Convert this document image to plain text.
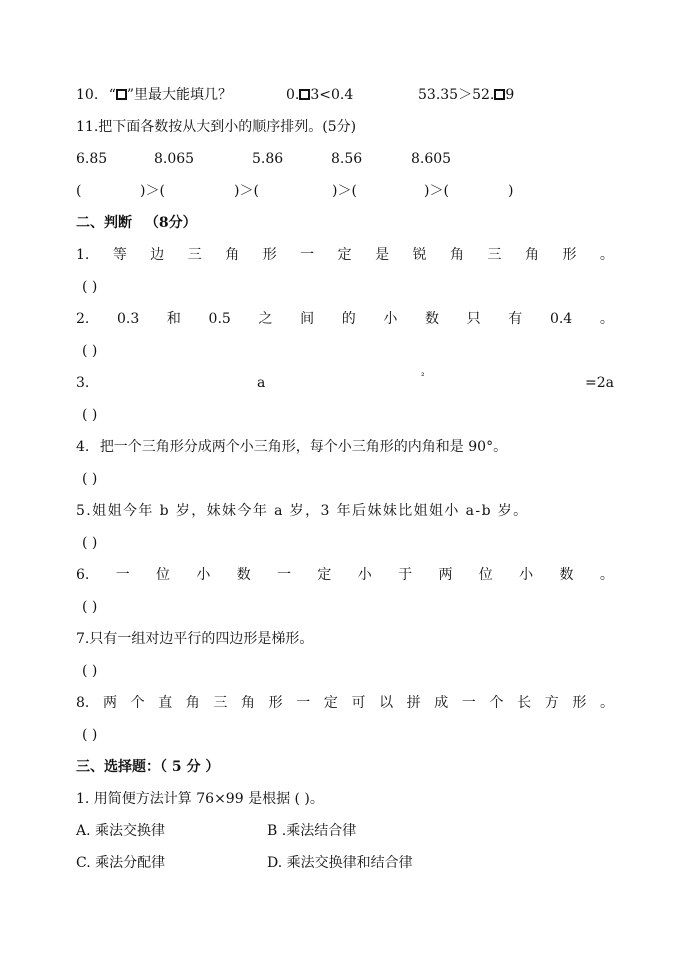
10. “ ”里最大能填几？	0. 3<0.4	53.35＞52. 9
11.把下面各数按从大到小的顺序排列。(5分)
6.85	8.065	5.86	8.56	8.605
(	)＞(	)＞(	)＞(	)＞(	)
二、判断 （8分）
1. 等 边 三 角 形 一 定 是 锐 角 三 角 形 。
( )
2. 0.3 和 0.5 之 间 的 小 数 只 有 0.4 。
( )
3.	a	²	=2a
( )
4. 把一个三角形分成两个小三角形，每个小三角形的内角和是 90°。
( )
5.姐姐今年 b 岁，妹妹今年 a 岁，3 年后妹妹比姐姐小 a-b 岁。
( )
6. 一 位 小 数 一 定 小 于 两 位 小 数 。
( )
7.只有一组对边平行的四边形是梯形。
( )
8. 两 个 直 角 三 角 形 一 定 可 以 拼 成 一 个 长 方 形 。
( )
三、选择题：（ 5 分 ）
1. 用简便方法计算 76×99 是根据 ( )。
A. 乘法交换律	B .乘法结合律
C. 乘法分配律	D. 乘法交换律和结合律
